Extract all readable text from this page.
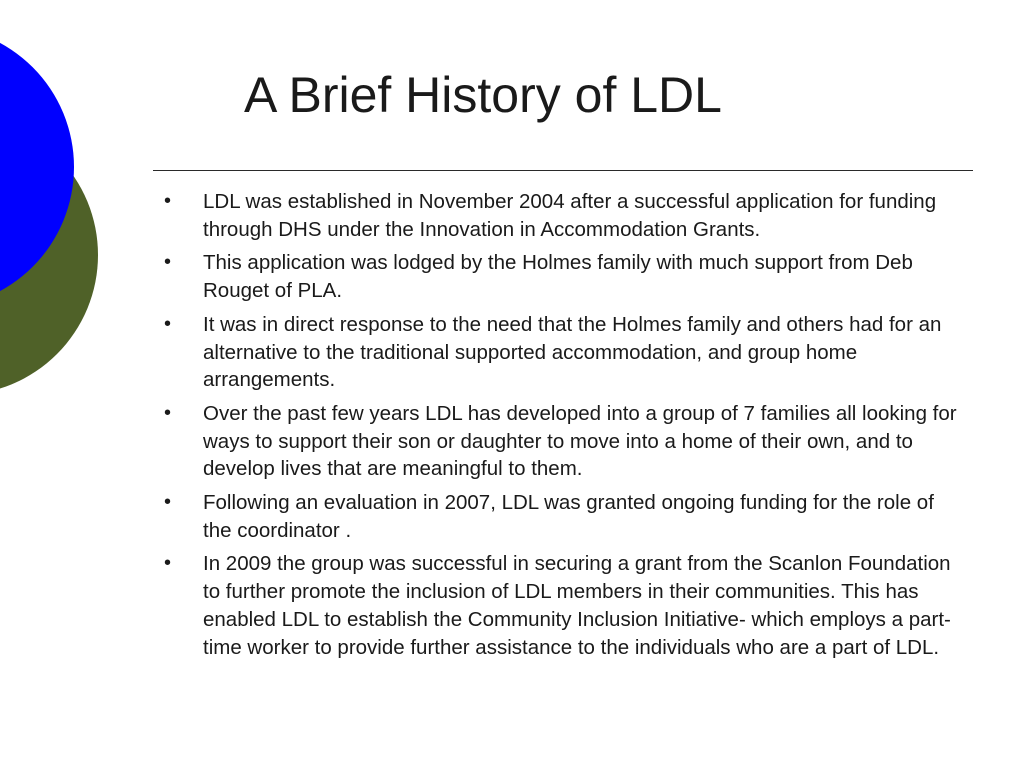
A Brief History of LDL
• LDL was established in November 2004 after a successful application for funding through DHS under the Innovation in Accommodation Grants.
• This application was lodged by the Holmes family with much support from Deb Rouget of PLA.
• It was in direct response to the need that the Holmes family and others had for an alternative to the traditional supported accommodation, and group home arrangements.
• Over the past few years LDL has developed into a group of 7 families all looking for ways to support their son or daughter to move into a home of their own, and to develop lives that are meaningful to them.
• Following an evaluation in 2007, LDL was granted ongoing funding for the role of the coordinator .
• In 2009 the group was successful in securing a grant from the Scanlon Foundation to further promote the inclusion of LDL members in their communities. This has enabled LDL to establish the Community Inclusion Initiative- which employs a part-time worker to provide further assistance to the individuals who are a part of LDL.
